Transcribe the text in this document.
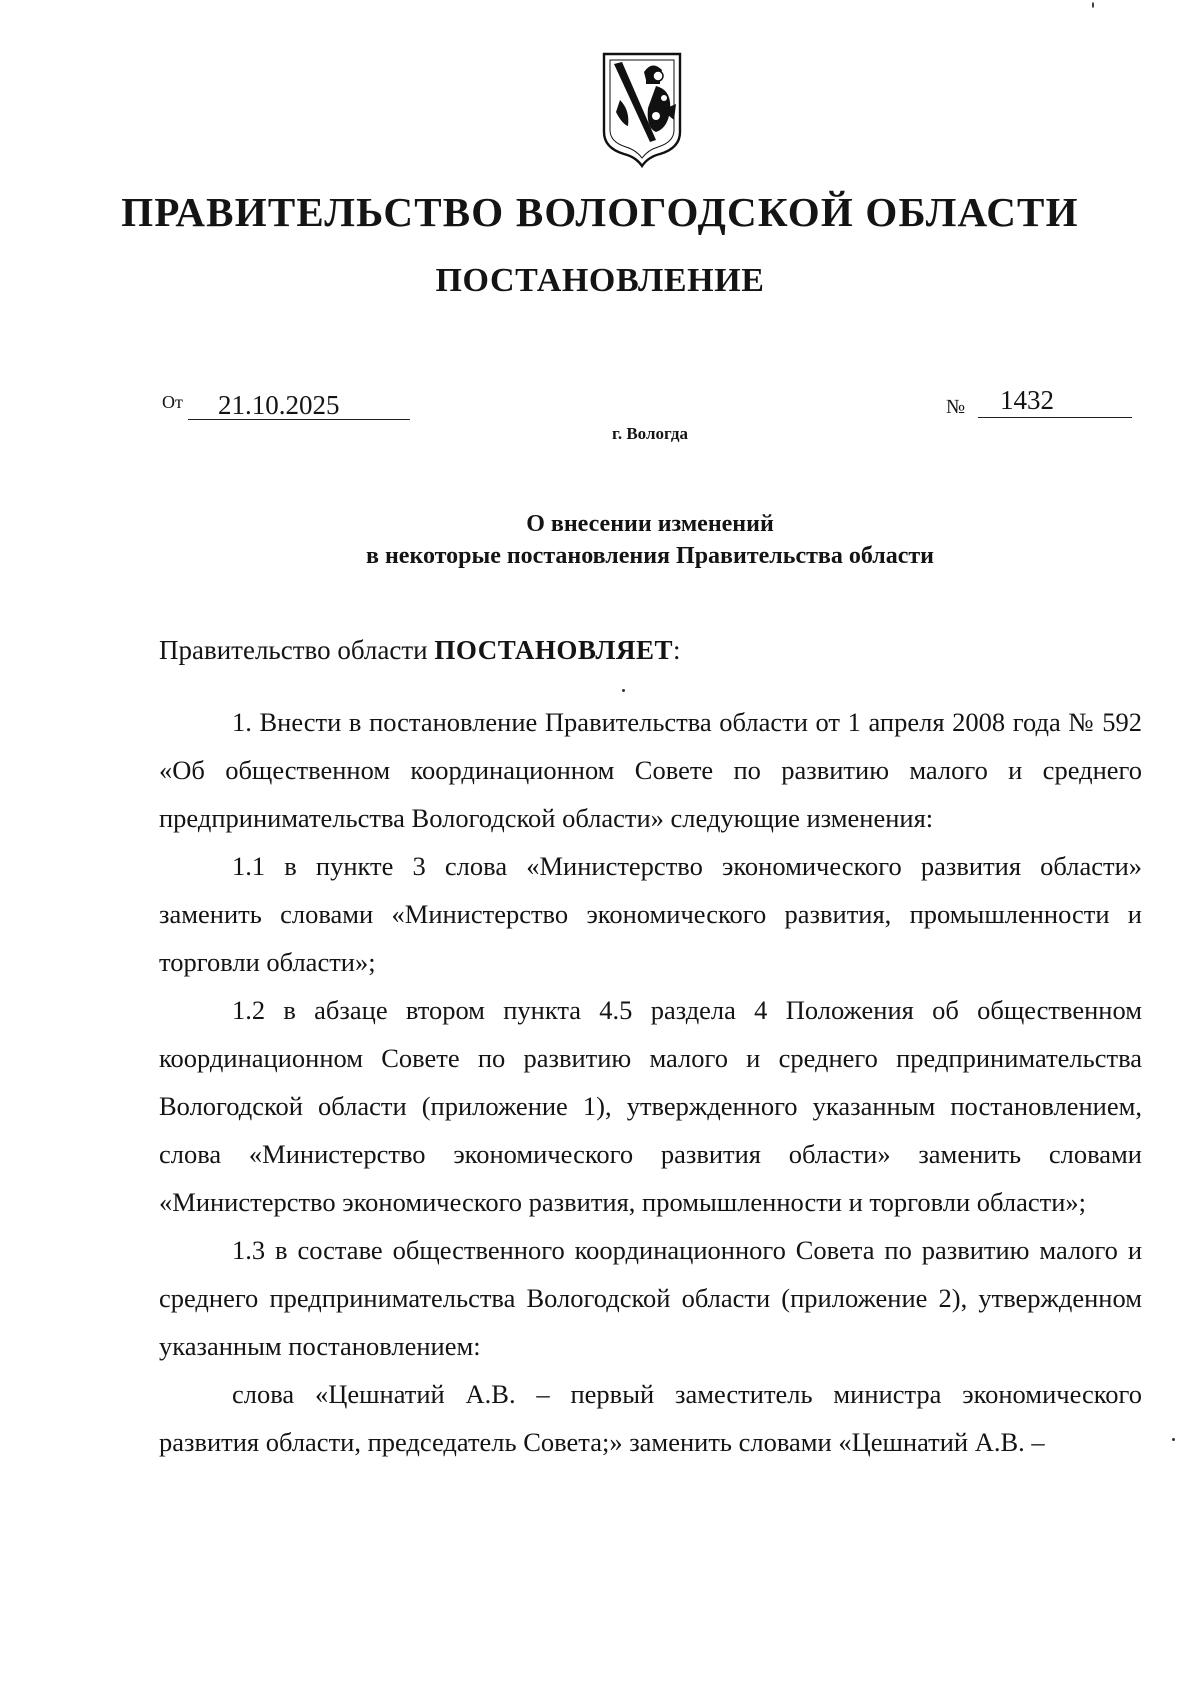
ПРАВИТЕЛЬСТВО ВОЛОГОДСКОЙ ОБЛАСТИ
ПОСТАНОВЛЕНИЕ
От	21.10.2025	№	1432
г. Вологда
О внесении изменений
в некоторые постановления Правительства области
Правительство области ПОСТАНОВЛЯЕТ:

1. Внести в постановление Правительства области от 1 апреля 2008 года № 592 «Об общественном координационном Совете по развитию малого и среднего предпринимательства Вологодской области» следующие изменения:

1.1 в пункте 3 слова «Министерство экономического развития области» заменить словами «Министерство экономического развития, промышленности и торговли области»;

1.2 в абзаце втором пункта 4.5 раздела 4 Положения об общественном координационном Совете по развитию малого и среднего предпринимательства Вологодской области (приложение 1), утвержденного указанным постановлением, слова «Министерство экономического развития области» заменить словами «Министерство экономического развития, промышленности и торговли области»;

1.3 в составе общественного координационного Совета по развитию малого и среднего предпринимательства Вологодской области (приложение 2), утвержденном указанным постановлением:

слова «Цешнатий А.В. – первый заместитель министра экономического развития области, председатель Совета;» заменить словами «Цешнатий А.В. –
